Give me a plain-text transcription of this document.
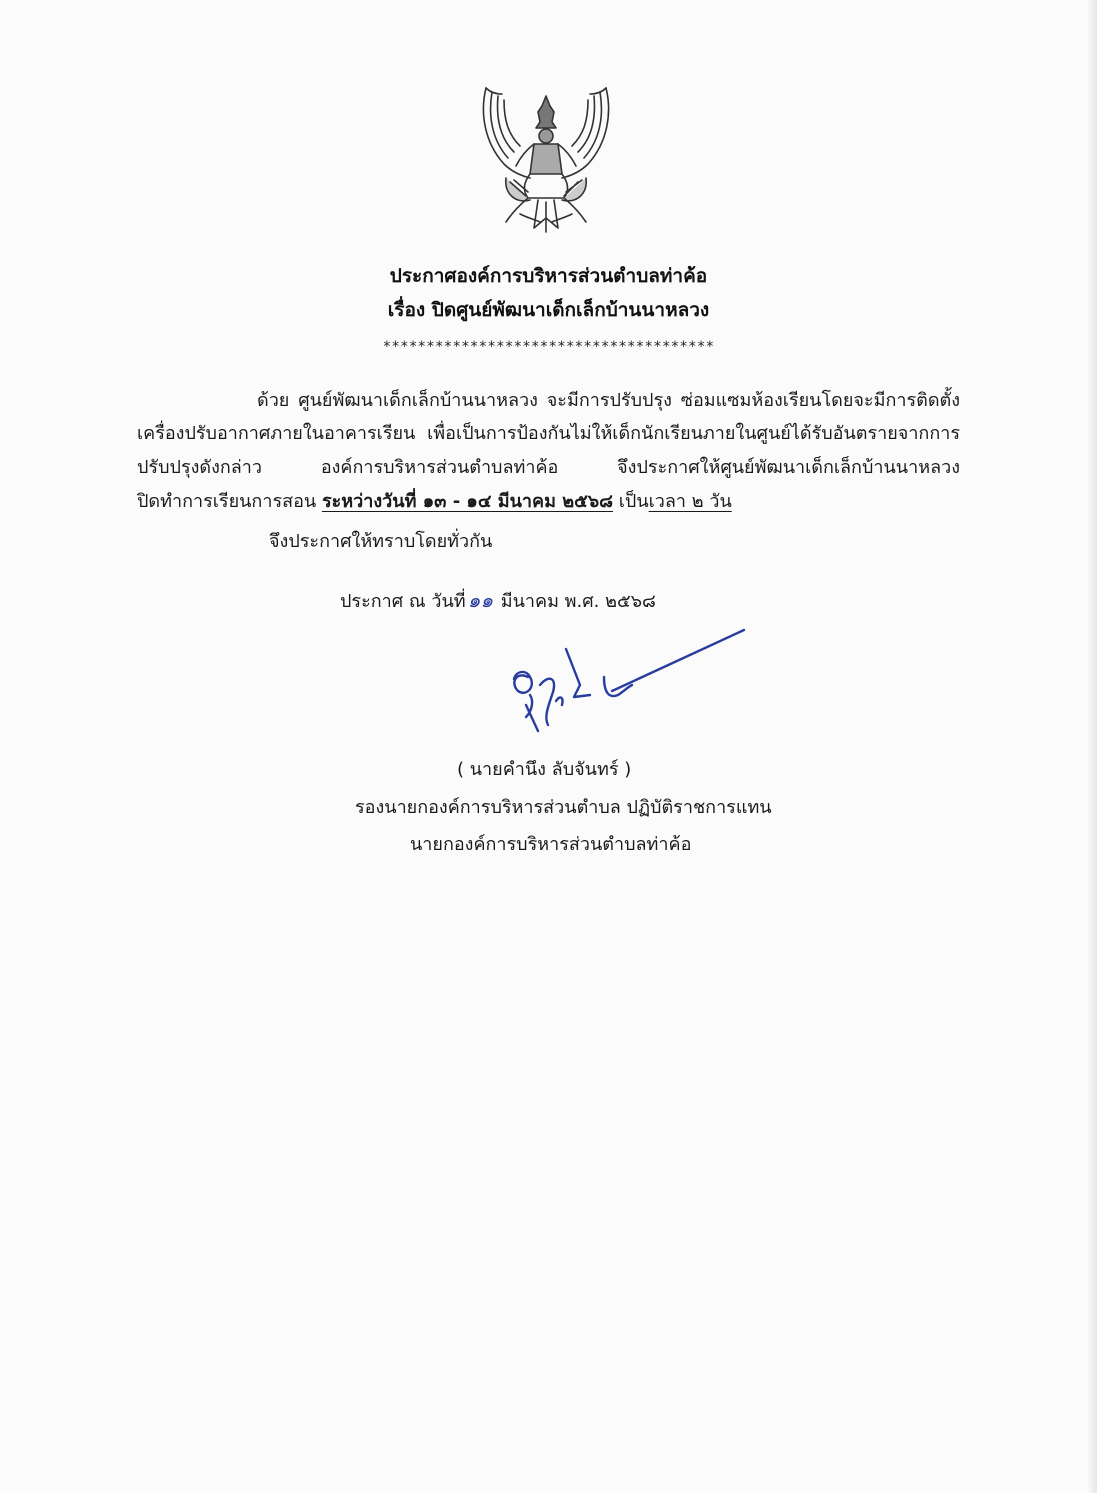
ประกาศองค์การบริหารส่วนตำบลท่าค้อ
เรื่อง ปิดศูนย์พัฒนาเด็กเล็กบ้านนาหลวง
**************************************
ด้วย ศูนย์พัฒนาเด็กเล็กบ้านนาหลวง จะมีการปรับปรุง ซ่อมแซมห้องเรียนโดยจะมีการติดตั้ง
เครื่องปรับอากาศภายในอาคารเรียน เพื่อเป็นการป้องกันไม่ให้เด็กนักเรียนภายในศูนย์ได้รับอันตรายจากการ
ปรับปรุงดังกล่าว องค์การบริหารส่วนตำบลท่าค้อ จึงประกาศให้ศูนย์พัฒนาเด็กเล็กบ้านนาหลวง
ปิดทำการเรียนการสอน ระหว่างวันที่ ๑๓ - ๑๔ มีนาคม ๒๕๖๘ เป็นเวลา ๒ วัน
จึงประกาศให้ทราบโดยทั่วกัน
ประกาศ ณ วันที่ ๑๑ มีนาคม พ.ศ. ๒๕๖๘
( นายคำนึง ลับจันทร์ )
รองนายกองค์การบริหารส่วนตำบล ปฏิบัติราชการแทน
นายกองค์การบริหารส่วนตำบลท่าค้อ
